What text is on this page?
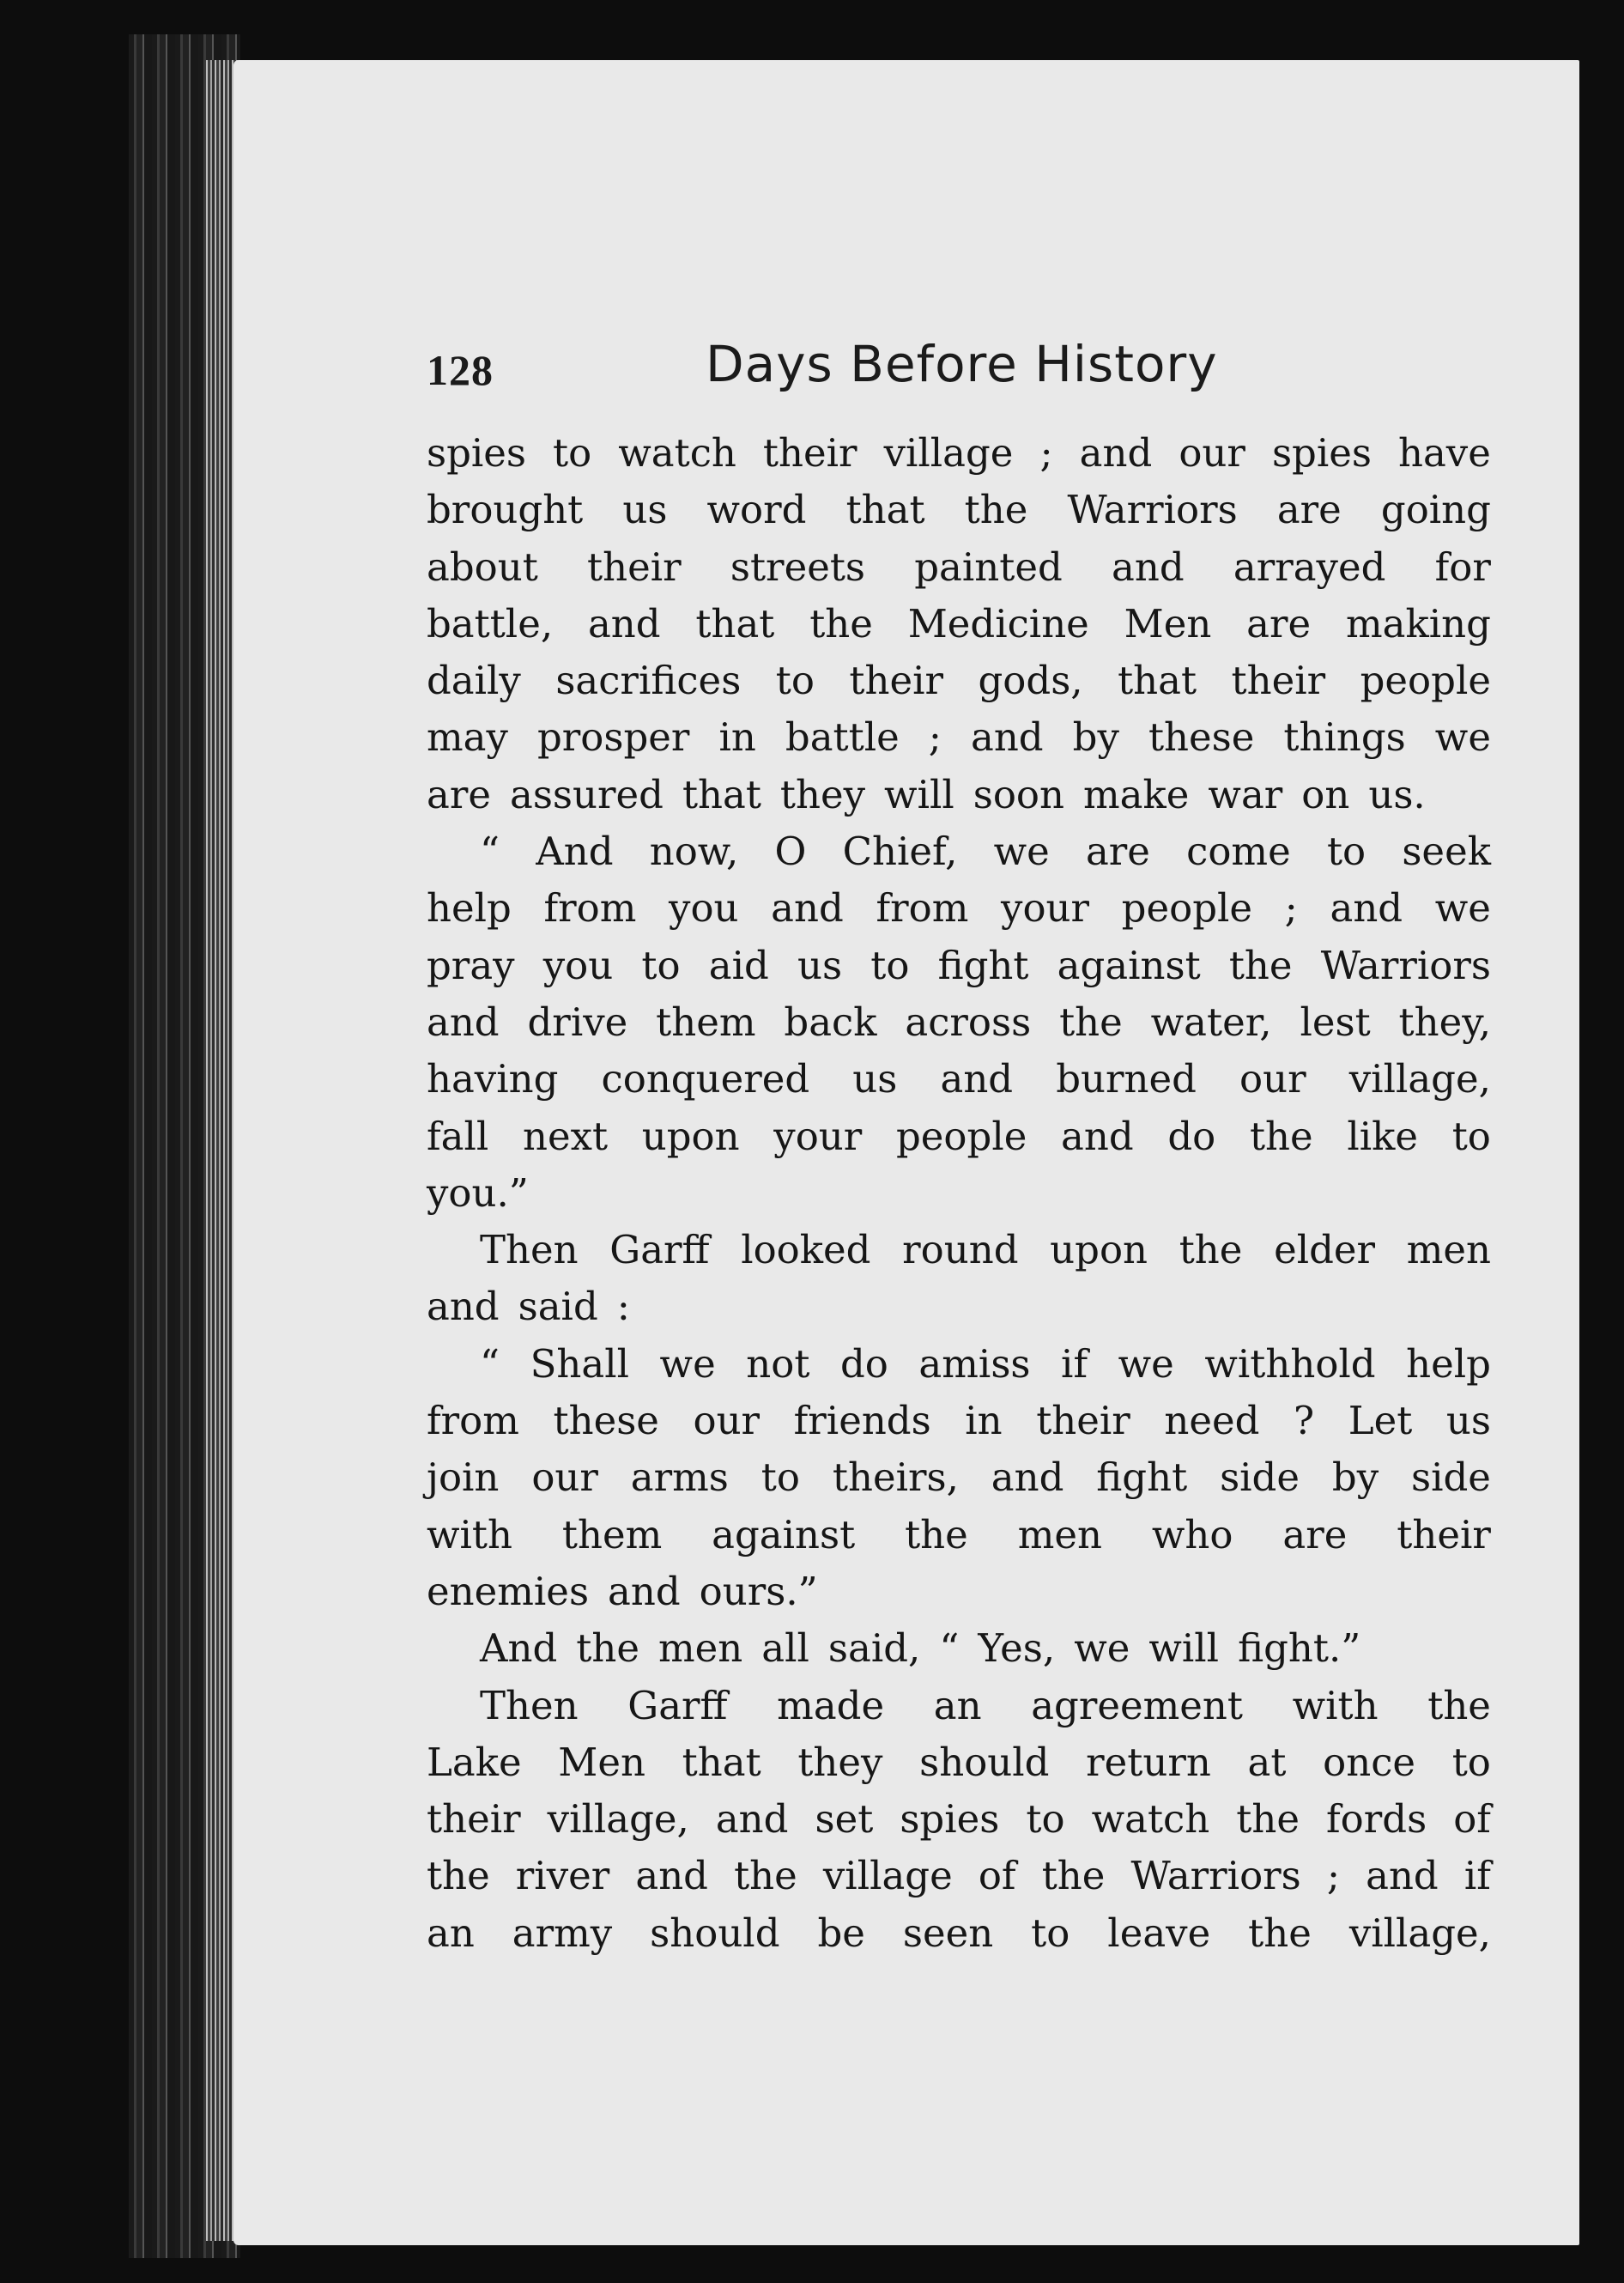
128	Days Before History
spies to watch their village ; and our spies have
brought us word that the Warriors are going
about their streets painted and arrayed for
battle, and that the Medicine Men are making
daily sacrifices to their gods, that their people
may prosper in battle ; and by these things we
are assured that they will soon make war on us.
“ And now, O Chief, we are come to seek
help from you and from your people ; and we
pray you to aid us to fight against the Warriors
and drive them back across the water, lest they,
having conquered us and burned our village,
fall next upon your people and do the like to
you.”
Then Garff looked round upon the elder men
and said :
“ Shall we not do amiss if we withhold help
from these our friends in their need ? Let us
join our arms to theirs, and fight side by side
with them against the men who are their
enemies and ours.”
And the men all said, “ Yes, we will fight.”
Then Garff made an agreement with the
Lake Men that they should return at once to
their village, and set spies to watch the fords of
the river and the village of the Warriors ; and if
an army should be seen to leave the village,
